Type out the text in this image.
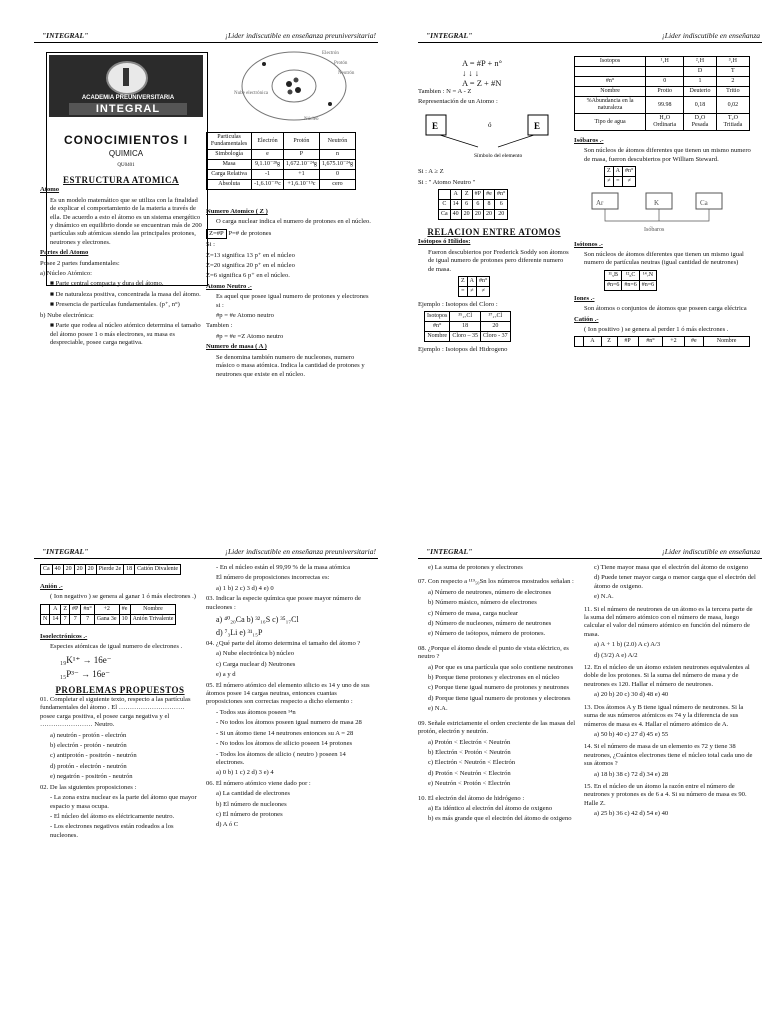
"INTEGRAL"	¡Lider indiscutible en enseñanza preuniversitaria!
ACADEMIA PREUNIVERSITARIA
INTEGRAL
CONOCIMIENTOS I
QUIMICA
QU0401
Electrón
Protón
Neutrón
Núcleo
Nube electrónica
Particulas Fundamentales	Electrón	Protón	Neutrón
Simbología	e	P	n
Masa	9,1.10⁻²⁸g	1,672.10⁻²⁴g	1,675.10⁻²⁴g
Carga Relativa	-1	+1	0
Absoluta	-1,6.10⁻¹⁹c	+1,6.10⁻¹⁹c	cero

ESTRUCTURA ATOMICA

Atomo

Es un modelo matemático que se utiliza con la finalidad de explicar el comportamiento de la materia a través de ella. De acuerdo a esto el átomo es un sistema energético y dinámico en equilibrio donde se encuentran más de 200 partículas sub atómicas siendo las principales protones, neutrones y electrones.

Partes del Atomo

Posee 2 partes fundamentales:

a) Núcleo Atómico:

■ Parte central compacta y dura del átomo.

■ De naturaleza positiva, concentrada la masa del átomo.

■ Presencia de partículas fundamentales. (p⁺, n°)

b) Nube electrónica:

■ Parte que rodea al núcleo atómico determina el tamaño del átomo posee 1 o más electrones, su masa es despreciable, posee carga negativa.

Numero Atomico ( Z )

O carga nuclear indica el numero de protones en el núcleo.

Z=#P P=# de protones

Si :

Z=13 significa 13 p⁺ en el núcleo

Z=20 significa 20 p⁺ en el núcleo

Z=6 significa 6 p⁺ en el núcleo.

Atomo Neutro .-

Es aquel que posee igual numero de protones y electrones si :

#p = #e Atomo neutro

Tambien :

#p = #e =Z Atomo neutro

Numero de masa ( A )

Se denomina también numero de nucleones, numero másico o masa atómica. Indica la cantidad de protones y neutrones que existe en el núcleo.

"INTEGRAL"	¡Lider indiscutible en enseñanza
A = #P + n°
↓ ↓ ↓
A = Z + #N

Tambien : N = A - Z

Representación de un Atomo :

E	ó	E
Símbolo del elemento

Si : A ≥ Z

Si : " Atomo Neutro "

	A	Z	#P	#e	#n°
C	14	6	6	8	6
Ca	40	20	20	20	20

RELACION ENTRE ATOMOS

Isótopos ó Hílidos:

Fueron descubiertos por Frederick Soddy son átomos de igual numero de protones pero diferente numero de masa.

Z	A	#n°
=	≠	≠

Ejemplo : Isotopos del Cloro :

Isotopos	³⁵₁₇Cl	³⁷₁₇Cl
#n°	18	20
Nombre	Cloro – 35	Cloro - 37

Ejemplo : Isotopos del Hidrogeno

Isotopos	¹₁H	²₁H	³₁H
		D	T
#n°	0	1	2
Nombre	Protio	Deuterio	Tritio
%Abundancia en la naturaleza	99.98	0,18	0,02
Tipo de agua	H₂O Ordinaria	D₂O Pesada	T₂O Tritiada

Isóbaros .-

Son núcleos de átomos diferentes que tienen un mismo numero de masa, fueron descubiertos por William Steward.

Z	A	#n°
≠	=	≠
Ar	K	Ca
Isóbaros

Isótonos .-

Son núcleos de átomos diferentes que tienen un mismo igual numero de partículas neutras (igual cantidad de neutrones)

¹¹₅B	¹²₆C	¹⁴₇N
#n=6	#n=6	#n=6

Iones .-

Son átomos o conjuntos de átomos que poseen carga eléctrica

Catión .-

( Ion positivo ) se genera al perder 1 ó más electrones .

	A	Z	#P	#n°	+2	#e	Nombre
"INTEGRAL"	¡Lider indiscutible en enseñanza preuniversitaria!
Ca	40	20	20	20	Pierde 2e	18	Catión Divalente

Anión .-

( Ion negativo ) se genera al ganar 1 ó más electrones .)

	A	Z	#P	#n°	+2	#e	Nombre
N	14	7	7	7	Gana 3e	10	Anión Trivalente

Isoelectrónicos .-

Especies atómicas de igual numero de electrones .

₁₉K¹⁺ → 16e⁻

₁₅P³⁻ → 16e⁻

PROBLEMAS PROPUESTOS

01. Completar el siguiente texto, respecto a las partículas fundamentales del átomo . El ………………………… posee carga positiva, el posee carga negativa y el …………………… Neutro.

a) neutrón - protón - electrón

b) electrón - protón - neutrón

c) antiprotón - positrón - neutrón

d) protón - electrón - neutrón

e) negatrón - positrón - neutrón

02. De las siguientes proposiciones :

- La zona extra nuclear es la parte del átomo que mayor espacio y masa ocupa.

- El núcleo del átomo es eléctricamente neutro.

- Los electrones negativos están rodeados a los nucleones.

- En el núcleo están el 99,99 % de la masa atómica

El número de proposiciones incorrectas es:

a) 1 b) 2 c) 3 d) 4 e) 0

03. Indicar la especie química que posee mayor número de nucleones :

a) ⁴⁰₂₀Ca b) ³²₁₆S c) ³⁵₁₇Cl

d) ⁷₃Li e) ³¹₁₅P

04. ¿Qué parte del átomo determina el tamaño del átomo ?

a) Nube electrónica b) núcleo

c) Carga nuclear d) Neutrones

e) a y d

05. El número atómico del elemento silicio es 14 y uno de sus átomos posee 14 cargas neutras, entonces cuantas proposiciones son correctas respecto a dicho elemento :

- Todos sus átomos poseen ¹⁴n

- No todos los átomos poseen igual numero de masa 28

- Si un átomo tiene 14 neutrones entonces su A = 28

- No todos los átomos de silicio poseen 14 protones

- Todos los átomos de silicio ( neutro ) poseen 14 electrones.

a) 0 b) 1 c) 2 d) 3 e) 4

06. El número atómico viene dado por :

a) La cantidad de electrones

b) El número de nucleones

c) El número de protones

d) A ó C

"INTEGRAL"	¡Lider indiscutible en enseñanza

e) La suma de protones y electrones

07. Con respecto a ¹¹⁹₅₀Sn los números mostrados señalan :

a) Número de neutrones, número de electrones

b) Número másico, número de electrones

c) Número de masa, carga nuclear

d) Número de nucleones, número de neutrones

e) Número de isótopos, número de protones.

08. ¿Porque el átomo desde el punto de vista eléctrico, es neutro ?

a) Por que es una partícula que solo contiene neutrones

b) Porque tiene protones y electrones en el núcleo

c) Porque tiene igual numero de protones y neutrones

d) Porque tiene igual numero de protones y electrones

e) N.A.

09. Señale estrictamente el orden creciente de las masas del protón, electrón y neutrón.

a) Protón < Electrón < Neutrón

b) Electrón < Protón < Neutrón

c) Electrón < Neutrón < Electrón

d) Protón < Neutrón < Electrón

e) Neutrón < Protón < Electrón

10. El electrón del átomo de hidrógeno :

a) Es idéntico al electrón del átomo de oxigeno

b) es más grande que el electrón del átomo de oxigeno

c) Tiene mayor masa que el electrón del átomo de oxigeno

d) Puede tener mayor carga o menor carga que el electrón del átomo de oxigeno.

e) N.A.

11. Si el número de neutrones de un átomo es la tercera parte de la suma del número atómico con el número de masa, luego calcular el valor del número atómico en función del número de masa.

a) A + 1 b) (2.0) A c) A/3

d) (3/2) A e) A/2

12. En el núcleo de un átomo existen neutrones equivalentes al doble de los protones. Si la suma del número de masa y de neutrones es 120. Hallar el número de neutrones.

a) 20 b) 20 c) 30 d) 48 e) 40

13. Dos átomos A y B tiene igual número de neutrones. Si la suma de sus números atómicos es 74 y la diferencia de sus números de masa es 4. Hallar el número atómico de A.

a) 50 b) 40 c) 27 d) 45 e) 55

14. Si el número de masa de un elemento es 72 y tiene 38 neutrones, ¿Cuántos electrones tiene el núcleo total cada uno de sus átomos ?

a) 18 b) 38 c) 72 d) 34 e) 28

15. En el núcleo de un átomo la razón entre el número de neutrones y protones es de 6 a 4. Si su número de masa es 90. Halle Z.

a) 25 b) 36 c) 42 d) 54 e) 40
